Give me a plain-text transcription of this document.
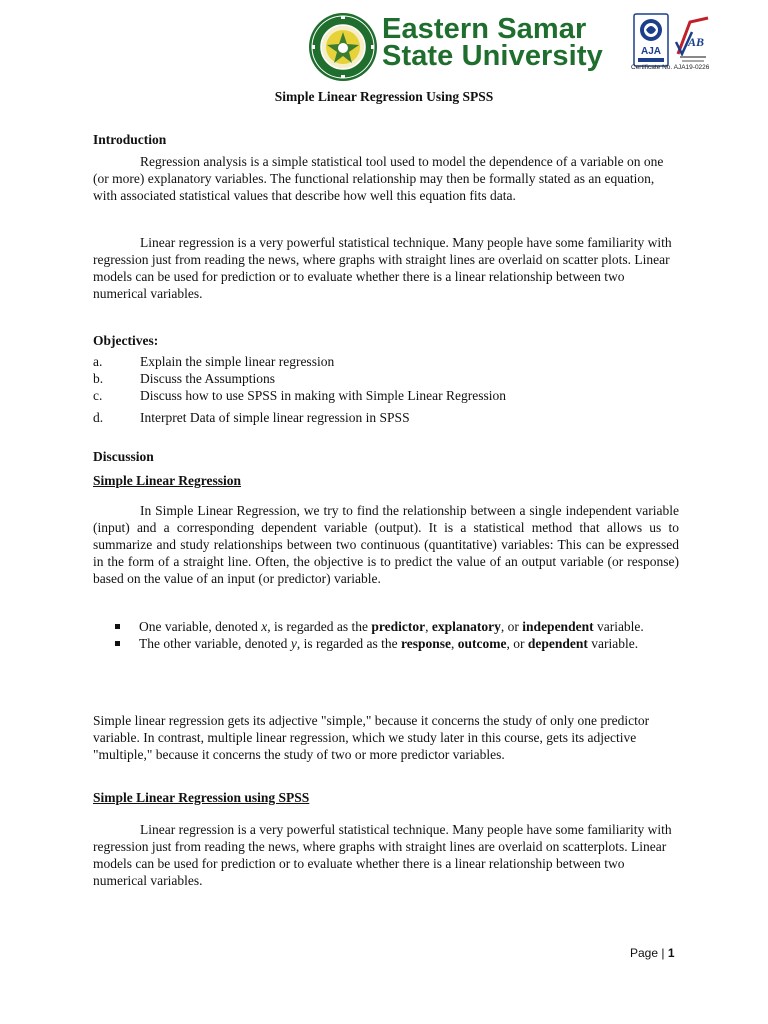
Eastern Samar
State University	AJA
AB
Certificate No. AJA19-0226
Simple Linear Regression Using SPSS
Introduction
Regression analysis is a simple statistical tool used to model the dependence of a variable on one (or more) explanatory variables. The functional relationship may then be formally stated as an equation, with associated statistical values that describe how well this equation fits data.
Linear regression is a very powerful statistical technique. Many people have some familiarity with regression just from reading the news, where graphs with straight lines are overlaid on scatter plots. Linear models can be used for prediction or to evaluate whether there is a linear relationship between two numerical variables.
Objectives:
a.	Explain the simple linear regression
b.	Discuss the Assumptions
c.	Discuss how to use SPSS in making with Simple Linear Regression
d.	Interpret Data of simple linear regression in SPSS
Discussion
Simple Linear Regression
In Simple Linear Regression, we try to find the relationship between a single independent variable (input) and a corresponding dependent variable (output). It is a statistical method that allows us to summarize and study relationships between two continuous (quantitative) variables: This can be expressed in the form of a straight line. Often, the objective is to predict the value of an output variable (or response) based on the value of an input (or predictor) variable.
One variable, denoted x, is regarded as the predictor, explanatory, or independent variable.
The other variable, denoted y, is regarded as the response, outcome, or dependent variable.
Simple linear regression gets its adjective "simple," because it concerns the study of only one predictor variable. In contrast, multiple linear regression, which we study later in this course, gets its adjective "multiple," because it concerns the study of two or more predictor variables.
Simple Linear Regression using SPSS
Linear regression is a very powerful statistical technique. Many people have some familiarity with regression just from reading the news, where graphs with straight lines are overlaid on scatterplots. Linear models can be used for prediction or to evaluate whether there is a linear relationship between two numerical variables.
Page | 1
